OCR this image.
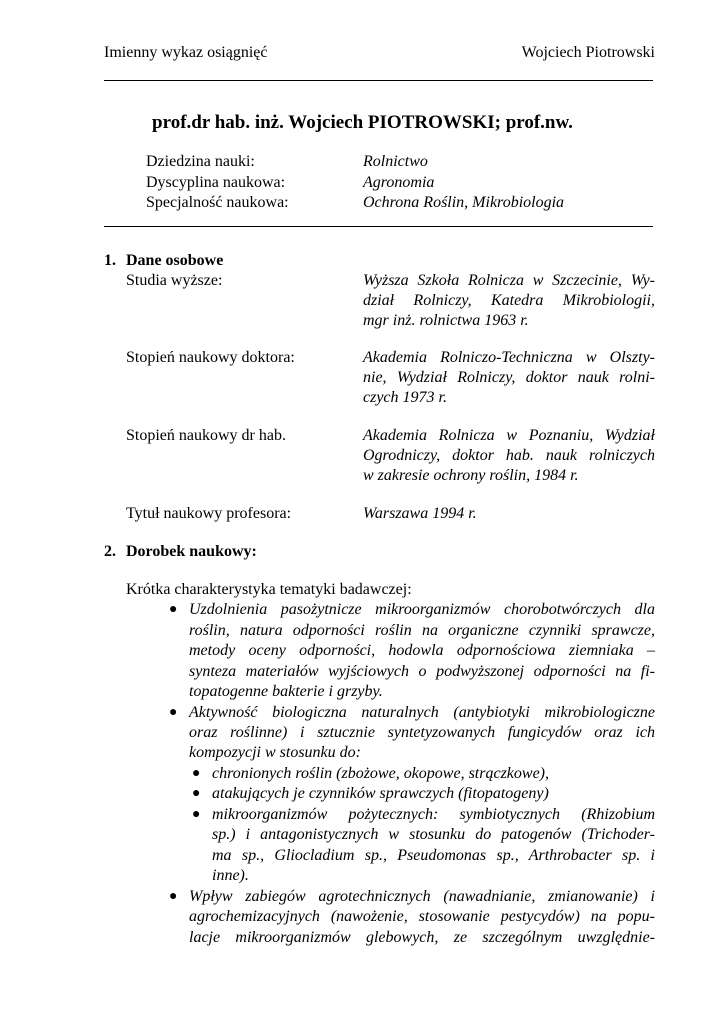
Imienny wykaz osiągnięć	Wojciech Piotrowski
prof.dr hab. inż. Wojciech PIOTROWSKI; prof.nw.
Dziedzina nauki:	Rolnictwo
Dyscyplina naukowa:	Agronomia
Specjalność naukowa:	Ochrona Roślin, Mikrobiologia
1. Dane osobowe
Studia wyższe:	Wyższa Szkoła Rolnicza w Szczecinie, Wy-
dział Rolniczy, Katedra Mikrobiologii,
mgr inż. rolnictwa 1963 r.
Stopień naukowy doktora:	Akademia Rolniczo-Techniczna w Olszty-
nie, Wydział Rolniczy, doktor nauk rolni-
czych 1973 r.
Stopień naukowy dr hab.	Akademia Rolnicza w Poznaniu, Wydział
Ogrodniczy, doktor hab. nauk rolniczych
w zakresie ochrony roślin, 1984 r.
Tytuł naukowy profesora:	Warszawa 1994 r.
2. Dorobek naukowy:
Krótka charakterystyka tematyki badawczej:
● Uzdolnienia pasożytnicze mikroorganizmów chorobotwórczych dla
roślin, natura odporności roślin na organiczne czynniki sprawcze,
metody oceny odporności, hodowla odpornościowa ziemniaka –
synteza materiałów wyjściowych o podwyższonej odporności na fi-
topatogenne bakterie i grzyby.
● Aktywność biologiczna naturalnych (antybiotyki mikrobiologiczne
oraz roślinne) i sztucznie syntetyzowanych fungicydów oraz ich
kompozycji w stosunku do:
● chronionych roślin (zbożowe, okopowe, strączkowe),
● atakujących je czynników sprawczych (fitopatogeny)
● mikroorganizmów pożytecznych: symbiotycznych (Rhizobium
sp.) i antagonistycznych w stosunku do patogenów (Trichoder-
ma sp., Gliocladium sp., Pseudomonas sp., Arthrobacter sp. i
inne).
● Wpływ zabiegów agrotechnicznych (nawadnianie, zmianowanie) i
agrochemizacyjnych (nawożenie, stosowanie pestycydów) na popu-
lacje mikroorganizmów glebowych, ze szczególnym uwzględnie-
